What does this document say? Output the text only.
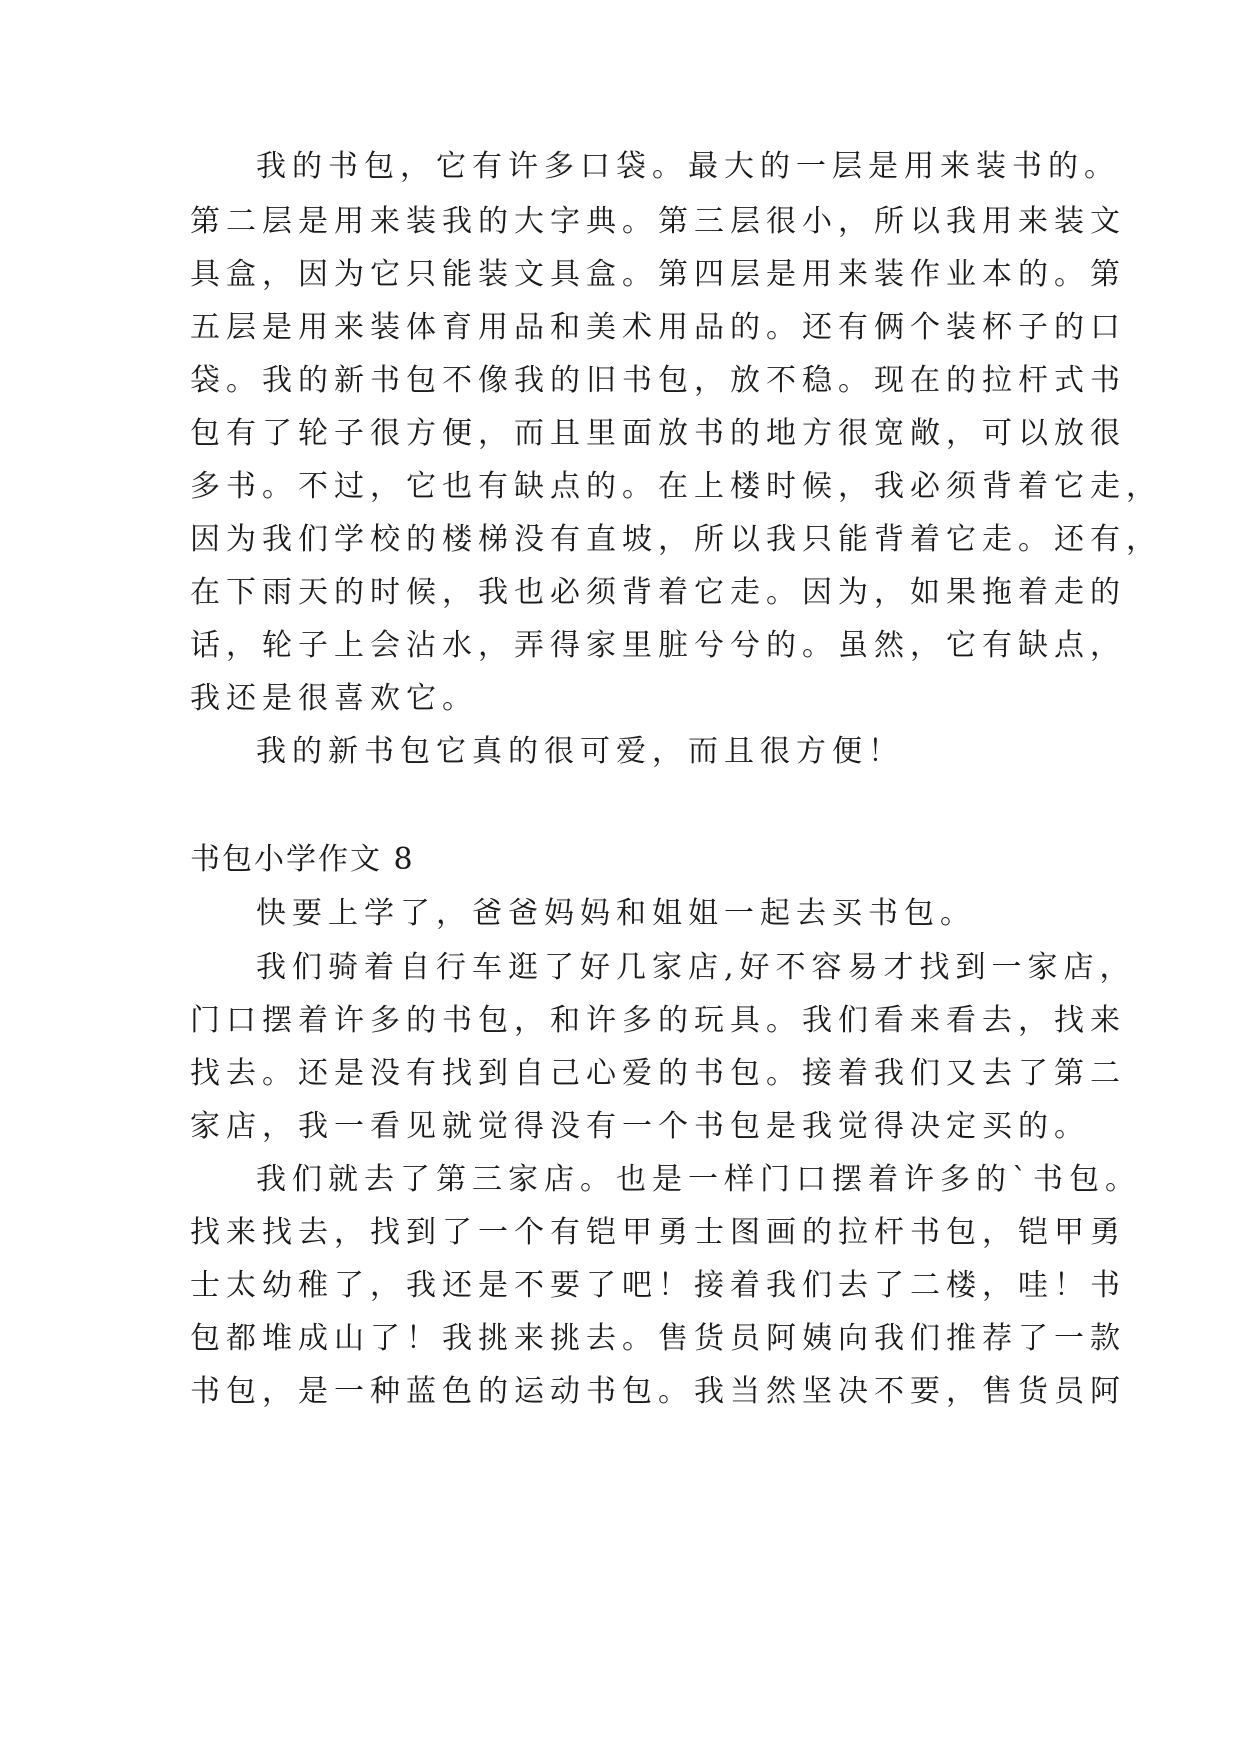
我的书包，它有许多口袋。最大的一层是用来装书的。
第二层是用来装我的大字典。第三层很小，所以我用来装文
具盒，因为它只能装文具盒。第四层是用来装作业本的。第
五层是用来装体育用品和美术用品的。还有俩个装杯子的口
袋。我的新书包不像我的旧书包，放不稳。现在的拉杆式书
包有了轮子很方便，而且里面放书的地方很宽敞，可以放很
多书。不过，它也有缺点的。在上楼时候，我必须背着它走，
因为我们学校的楼梯没有直坡，所以我只能背着它走。还有，
在下雨天的时候，我也必须背着它走。因为，如果拖着走的
话，轮子上会沾水，弄得家里脏兮兮的。虽然，它有缺点，
我还是很喜欢它。
我的新书包它真的很可爱，而且很方便！
书包小学作文 8
快要上学了，爸爸妈妈和姐姐一起去买书包。
我们骑着自行车逛了好几家店,好不容易才找到一家店，
门口摆着许多的书包，和许多的玩具。我们看来看去，找来
找去。还是没有找到自己心爱的书包。接着我们又去了第二
家店，我一看见就觉得没有一个书包是我觉得决定买的。
我们就去了第三家店。也是一样门口摆着许多的`书包。
找来找去，找到了一个有铠甲勇士图画的拉杆书包，铠甲勇
士太幼稚了，我还是不要了吧！接着我们去了二楼，哇！书
包都堆成山了！我挑来挑去。售货员阿姨向我们推荐了一款
书包，是一种蓝色的运动书包。我当然坚决不要，售货员阿
